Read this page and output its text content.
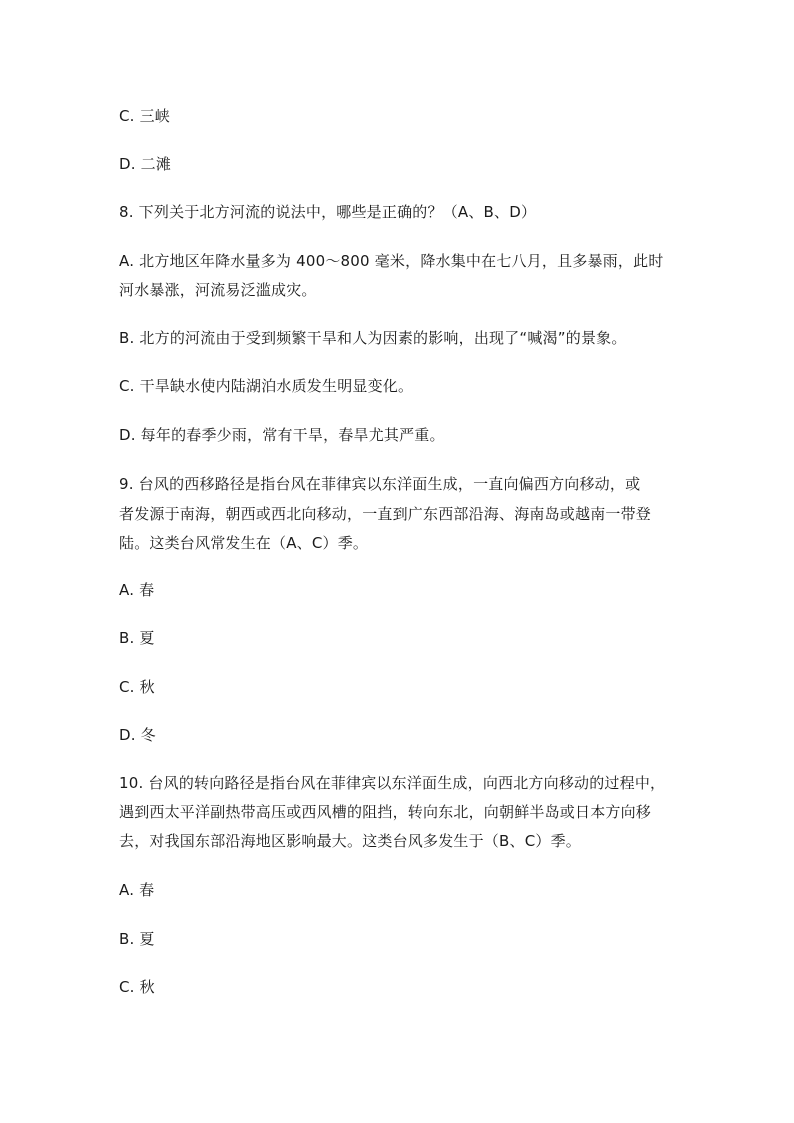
C. 三峡
D. 二滩
8. 下列关于北方河流的说法中，哪些是正确的？（A、B、D）
A. 北方地区年降水量多为 400～800 毫米，降水集中在七八月，且多暴雨，此时
河水暴涨，河流易泛滥成灾。
B. 北方的河流由于受到频繁干旱和人为因素的影响，出现了“喊渴”的景象。
C. 干旱缺水使内陆湖泊水质发生明显变化。
D. 每年的春季少雨，常有干旱，春旱尤其严重。
9. 台风的西移路径是指台风在菲律宾以东洋面生成，一直向偏西方向移动，或
者发源于南海，朝西或西北向移动，一直到广东西部沿海、海南岛或越南一带登
陆。这类台风常发生在（A、C）季。
A. 春
B. 夏
C. 秋
D. 冬
10. 台风的转向路径是指台风在菲律宾以东洋面生成，向西北方向移动的过程中，
遇到西太平洋副热带高压或西风槽的阻挡，转向东北，向朝鲜半岛或日本方向移
去，对我国东部沿海地区影响最大。这类台风多发生于（B、C）季。
A. 春
B. 夏
C. 秋
